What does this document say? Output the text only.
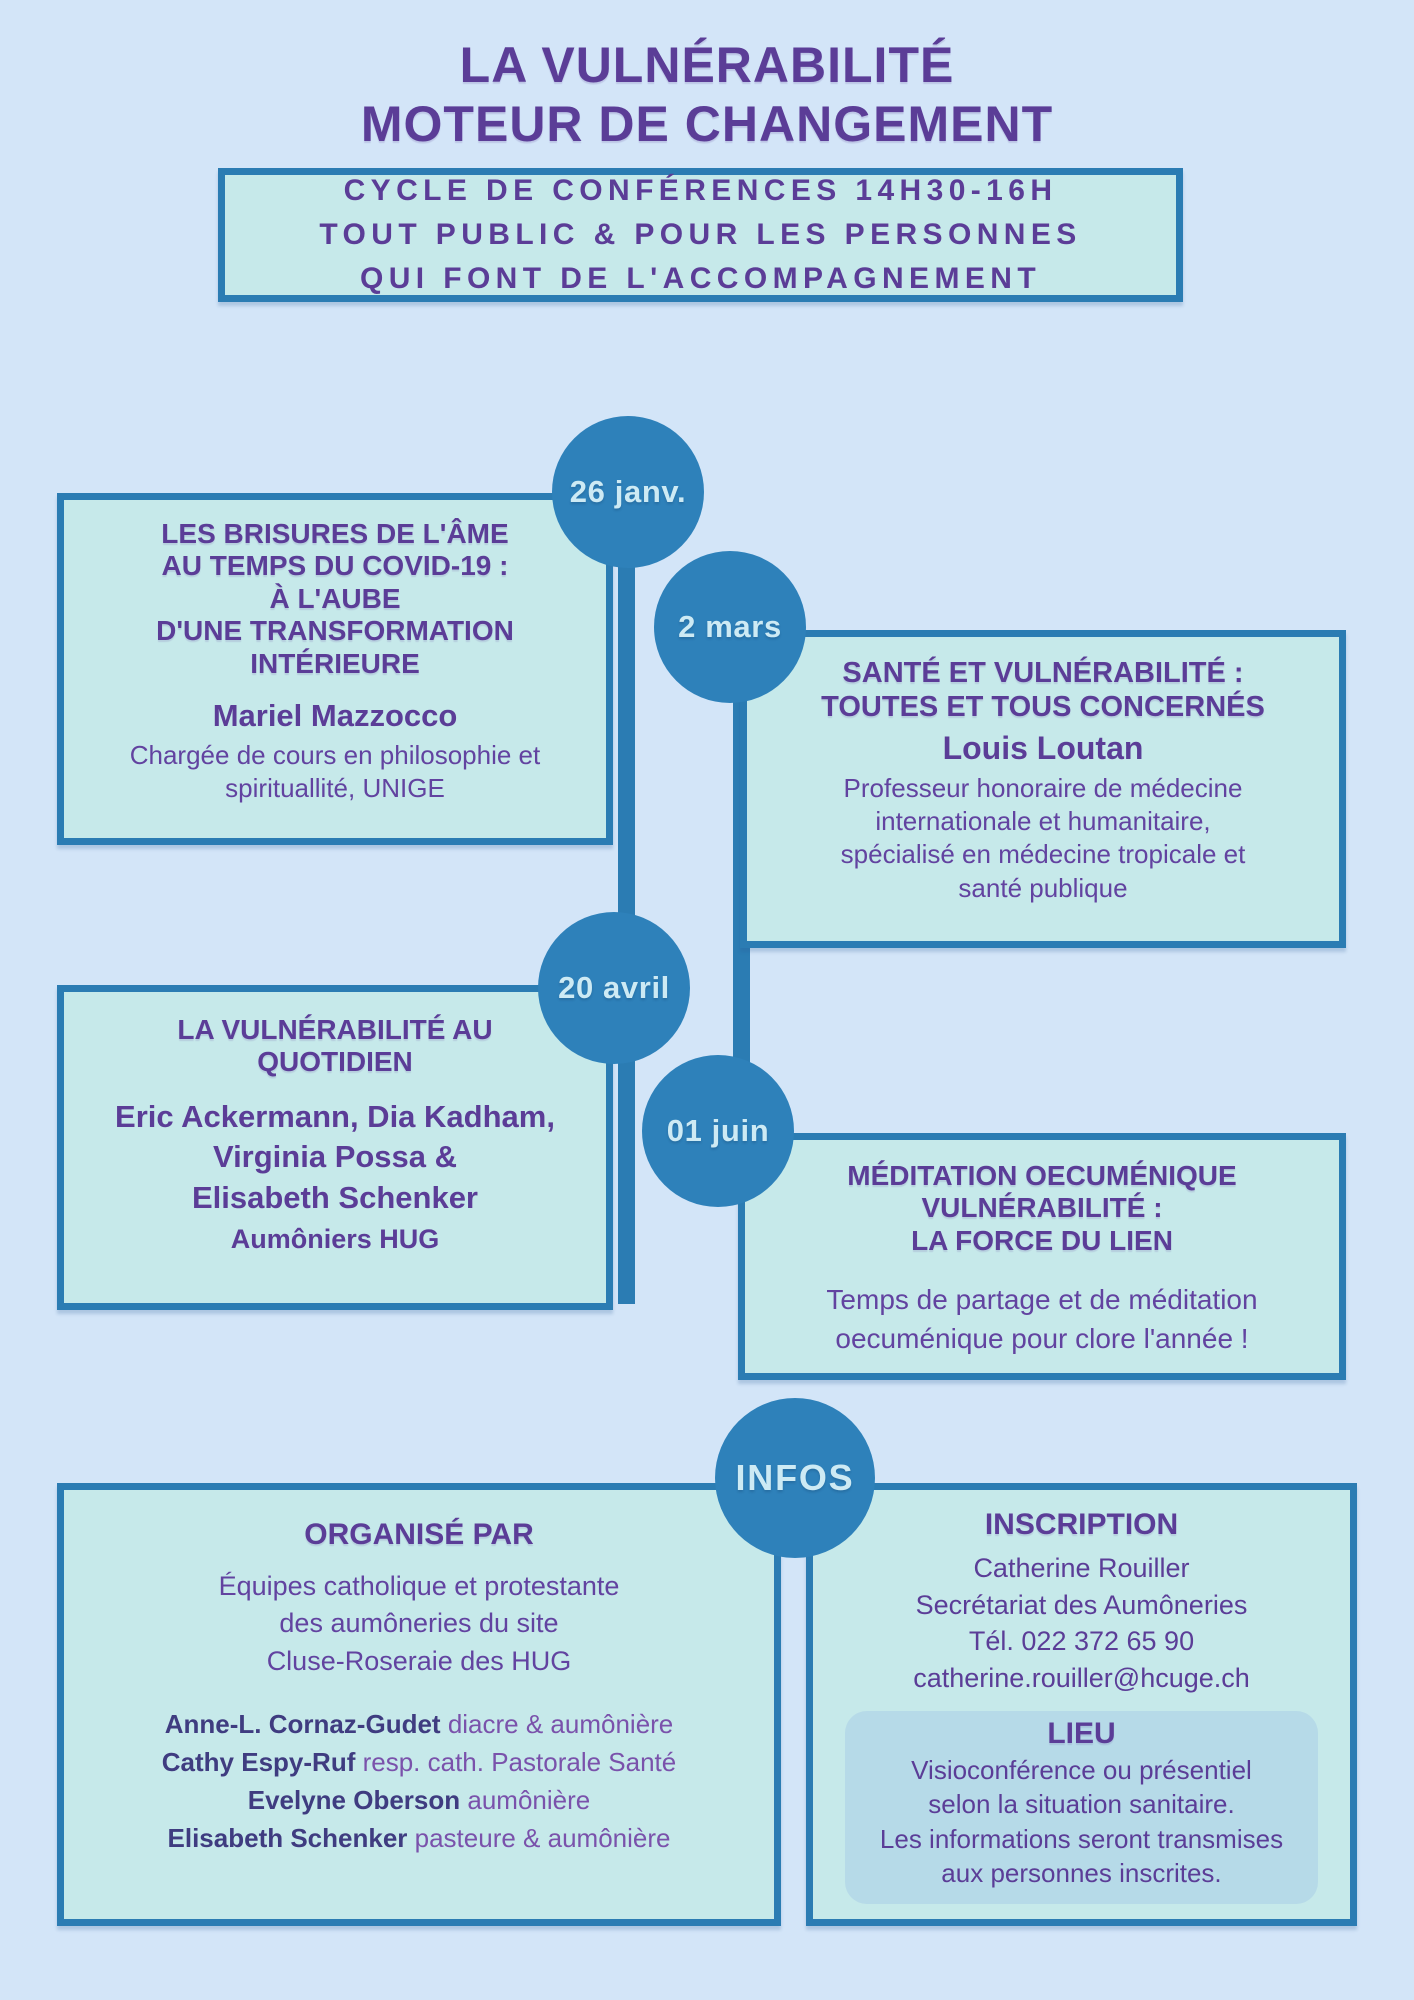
LA VULNÉRABILITÉ
MOTEUR DE CHANGEMENT
CYCLE DE CONFÉRENCES 14H30-16H
TOUT PUBLIC & POUR LES PERSONNES
QUI FONT DE L'ACCOMPAGNEMENT
LES BRISURES DE L'ÂME
AU TEMPS DU COVID-19 :
À L'AUBE
D'UNE TRANSFORMATION
INTÉRIEURE
Mariel Mazzocco
Chargée de cours en philosophie et
spirituallité, UNIGE
26 janv.
SANTÉ ET VULNÉRABILITÉ :
TOUTES ET TOUS CONCERNÉS
Louis Loutan
Professeur honoraire de médecine
internationale et humanitaire,
spécialisé en médecine tropicale et
santé publique
2 mars
LA VULNÉRABILITÉ AU
QUOTIDIEN
Eric Ackermann, Dia Kadham,
Virginia Possa &
Elisabeth Schenker
Aumôniers HUG
20 avril
MÉDITATION OECUMÉNIQUE
VULNÉRABILITÉ :
LA FORCE DU LIEN
Temps de partage et de méditation
oecuménique pour clore l'année !
01 juin
ORGANISÉ PAR
Équipes catholique et protestante
des aumôneries du site
Cluse-Roseraie des HUG
Anne-L. Cornaz-Gudet diacre & aumônière
Cathy Espy-Ruf resp. cath. Pastorale Santé
Evelyne Oberson aumônière
Elisabeth Schenker pasteure & aumônière
INSCRIPTION
Catherine Rouiller
Secrétariat des Aumôneries
Tél. 022 372 65 90
catherine.rouiller@hcuge.ch
LIEU
Visioconférence ou présentiel
selon la situation sanitaire.
Les informations seront transmises
aux personnes inscrites.
INFOS
